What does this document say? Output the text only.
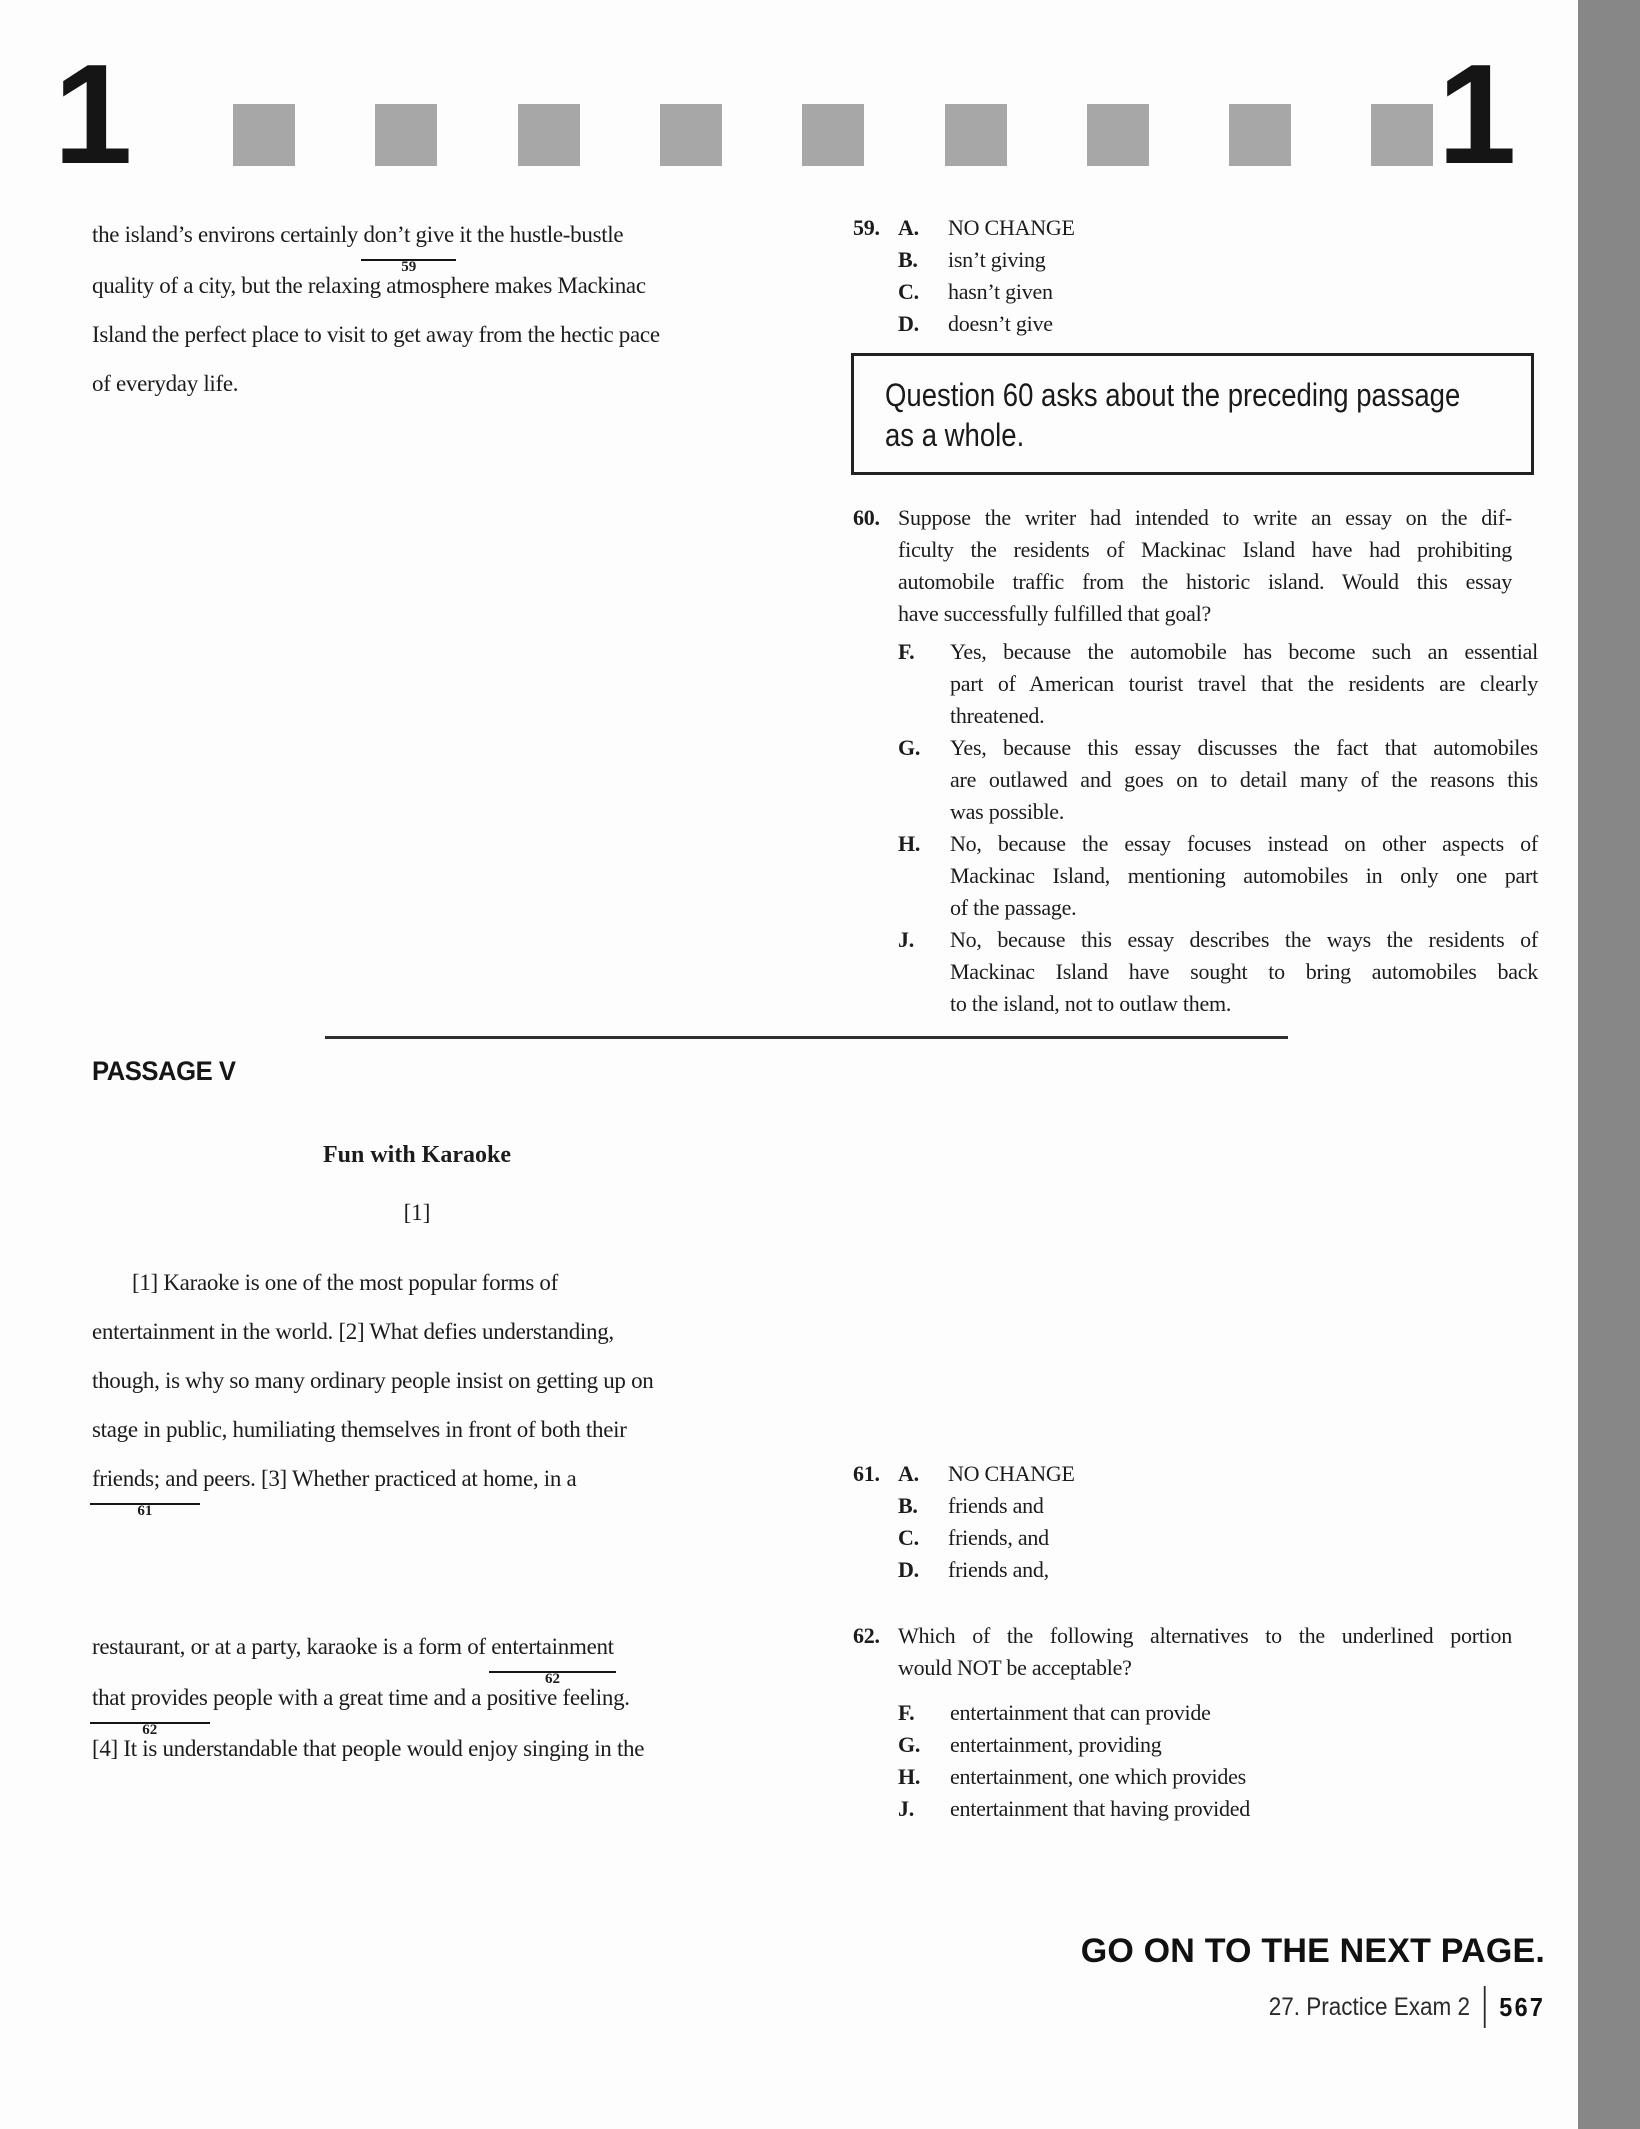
1	1
the island’s environs certainly don’t give
59
it the hustle-bustle
quality of a city, but the relaxing atmosphere makes Mackinac
Island the perfect place to visit to get away from the hectic pace
of everyday life.
59. A.	NO CHANGE
B.	isn’t giving
C.	hasn’t given
D.	doesn’t give
Question 60 asks about the preceding passage
as a whole.
60. Suppose the writer had intended to write an essay on the dif-
ficulty the residents of Mackinac Island have had prohibiting
automobile traffic from the historic island. Would this essay
have successfully fulfilled that goal?
F.	Yes, because the automobile has become such an essential
part of American tourist travel that the residents are clearly
threatened.
G.	Yes, because this essay discusses the fact that automobiles
are outlawed and goes on to detail many of the reasons this
was possible.
H.	No, because the essay focuses instead on other aspects of
Mackinac Island, mentioning automobiles in only one part
of the passage.
J.	No, because this essay describes the ways the residents of
Mackinac Island have sought to bring automobiles back
to the island, not to outlaw them.
PASSAGE V
Fun with Karaoke
[1]
[1] Karaoke is one of the most popular forms of
entertainment in the world. [2] What defies understanding,
though, is why so many ordinary people insist on getting up on
stage in public, humiliating themselves in front of both their
friends; and
61
peers. [3] Whether practiced at home, in a	61. A.	NO CHANGE
B.	friends and
C.	friends, and
D.	friends and,
restaurant, or at a party, karaoke is a form of entertainment
62
that provides
62
people with a great time and a positive feeling.
[4] It is understandable that people would enjoy singing in the
62. Which of the following alternatives to the underlined portion
would NOT be acceptable?
F.	entertainment that can provide
G.	entertainment, providing
H.	entertainment, one which provides
J.	entertainment that having provided
GO ON TO THE NEXT PAGE.
27. Practice Exam 2 567
